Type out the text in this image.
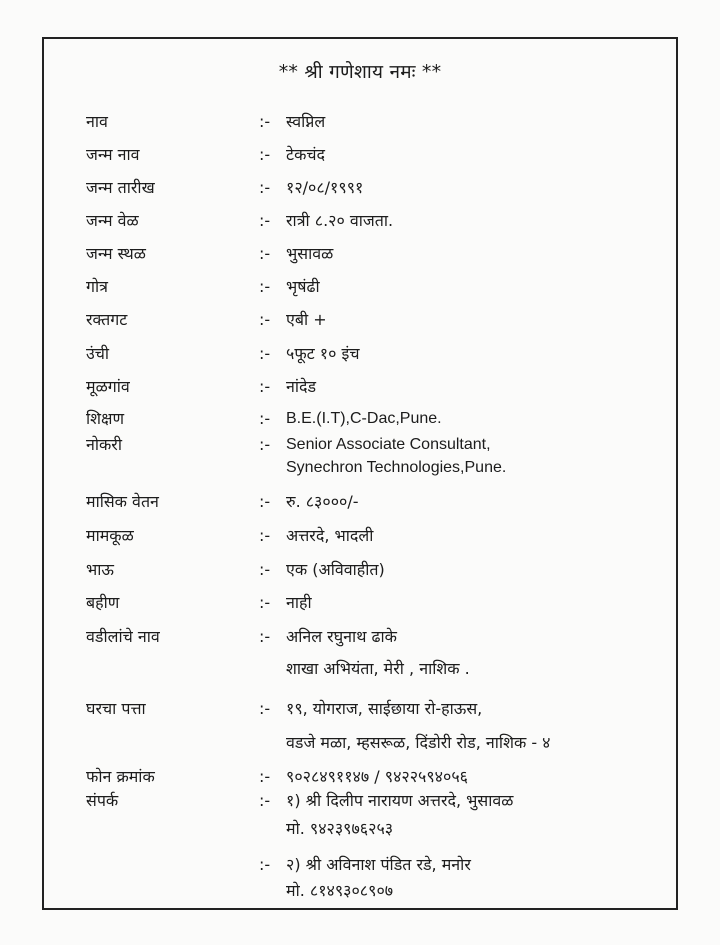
** श्री गणेशाय नमः **
नाव	:- स्वप्निल
जन्म नाव	:- टेकचंद
जन्म तारीख	:- १२/०८/१९९१
जन्म वेळ	:- रात्री ८.२० वाजता.
जन्म स्थळ	:- भुसावळ
गोत्र	:- भृषंढी
रक्तगट	:- एबी +
उंची	:- ५फूट १० इंच
मूळगांव	:- नांदेड
शिक्षण	:- B.E.(I.T),C-Dac,Pune.
नोकरी	:- Senior Associate Consultant,
Synechron Technologies,Pune.
मासिक वेतन	:- रु. ८३०००/-
मामकूळ	:- अत्तरदे, भादली
भाऊ	:- एक (अविवाहीत)
बहीण	:- नाही
वडीलांचे नाव	:- अनिल रघुनाथ ढाके
शाखा अभियंता, मेरी , नाशिक .
घरचा पत्ता	:- १९, योगराज, साईछाया रो-हाऊस,
वडजे मळा, म्हसरूळ, दिंडोरी रोड, नाशिक - ४
फोन क्रमांक	:- ९०२८४९११४७ / ९४२२५९४०५६
संपर्क	:- १) श्री दिलीप नारायण अत्तरदे, भुसावळ
मो. ९४२३९७६२५३
:- २) श्री अविनाश पंडित रडे, मनोर
मो. ८१४९३०८९०७
